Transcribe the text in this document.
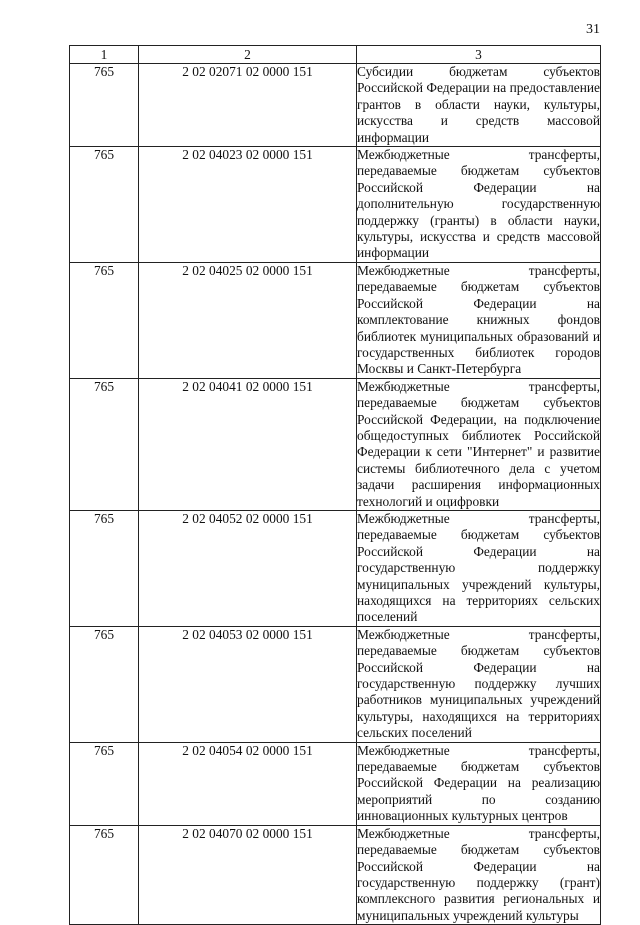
31
1	2	3
765	2 02 02071 02 0000 151	Субсидии бюджетам субъектов Российской Федерации на предоставление грантов в области науки, культуры, искусства и средств массовой информации
765	2 02 04023 02 0000 151	Межбюджетные трансферты, передаваемые бюджетам субъектов Российской Федерации на дополнительную государственную поддержку (гранты) в области науки, культуры, искусства и средств массовой информации
765	2 02 04025 02 0000 151	Межбюджетные трансферты, передаваемые бюджетам субъектов Российской Федерации на комплектование книжных фондов библиотек муниципальных образований и государственных библиотек городов Москвы и Санкт-Петербурга
765	2 02 04041 02 0000 151	Межбюджетные трансферты, передаваемые бюджетам субъектов Российской Федерации, на подключение общедоступных библиотек Российской Федерации к сети "Интернет" и развитие системы библиотечного дела с учетом задачи расширения информационных технологий и оцифровки
765	2 02 04052 02 0000 151	Межбюджетные трансферты, передаваемые бюджетам субъектов Российской Федерации на государственную поддержку муниципальных учреждений культуры, находящихся на территориях сельских поселений
765	2 02 04053 02 0000 151	Межбюджетные трансферты, передаваемые бюджетам субъектов Российской Федерации на государственную поддержку лучших работников муниципальных учреждений культуры, находящихся на территориях сельских поселений
765	2 02 04054 02 0000 151	Межбюджетные трансферты, передаваемые бюджетам субъектов Российской Федерации на реализацию мероприятий по созданию инновационных культурных центров
765	2 02 04070 02 0000 151	Межбюджетные трансферты, передаваемые бюджетам субъектов Российской Федерации на государственную поддержку (грант) комплексного развития региональных и муниципальных учреждений культуры
